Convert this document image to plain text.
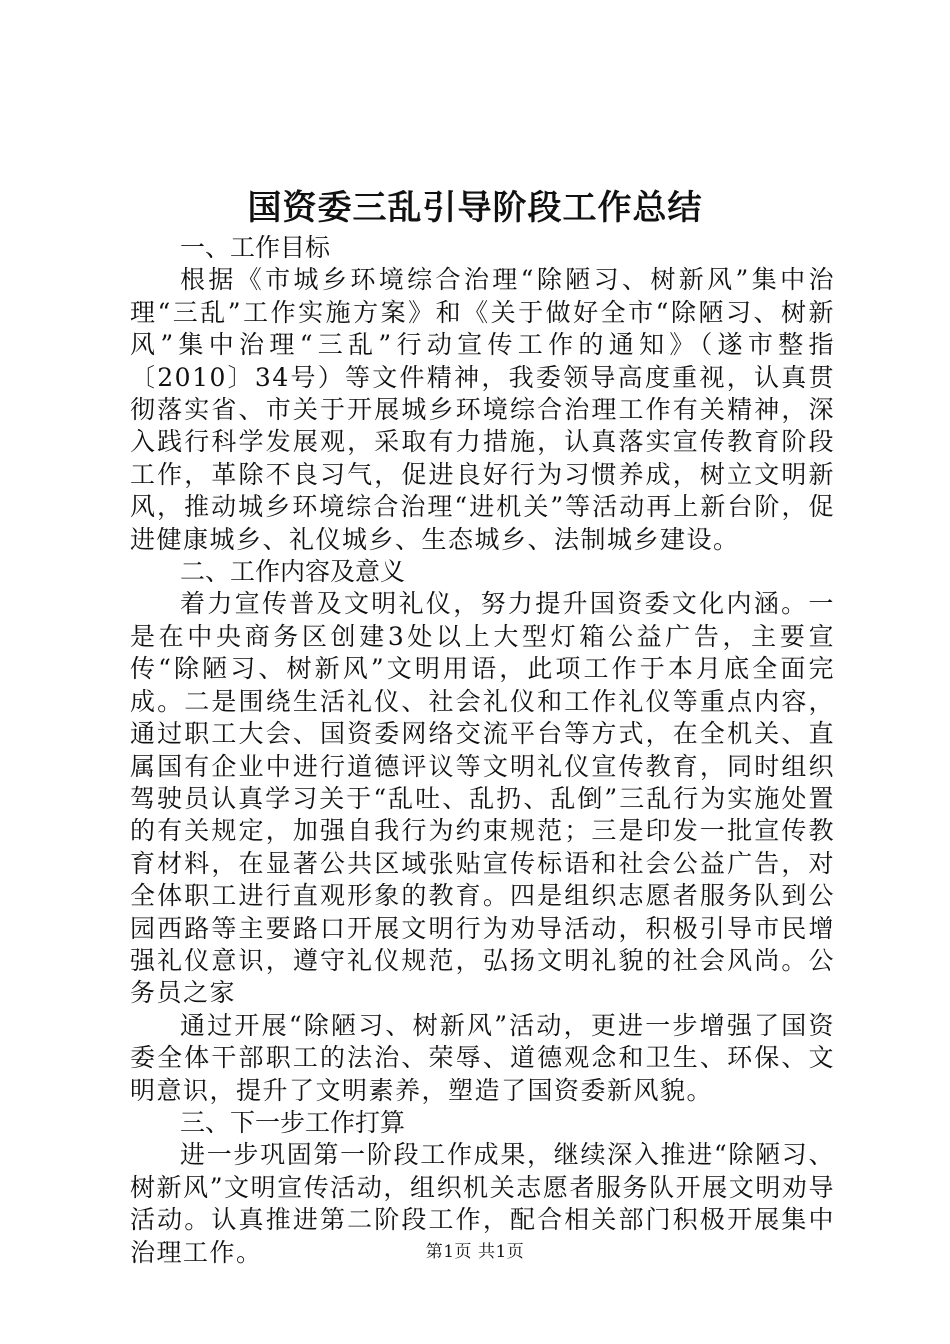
国资委三乱引导阶段工作总结

一、工作目标

根据《市城乡环境综合治理“除陋习、树新风”集中治理“三乱”工作实施方案》和《关于做好全市“除陋习、树新风”集中治理“三乱”行动宣传工作的通知》（遂市整指〔2010〕34号）等文件精神，我委领导高度重视，认真贯彻落实省、市关于开展城乡环境综合治理工作有关精神，深入践行科学发展观，采取有力措施，认真落实宣传教育阶段工作，革除不良习气，促进良好行为习惯养成，树立文明新风，推动城乡环境综合治理“进机关”等活动再上新台阶，促进健康城乡、礼仪城乡、生态城乡、法制城乡建设。

二、工作内容及意义

着力宣传普及文明礼仪，努力提升国资委文化内涵。一是在中央商务区创建3处以上大型灯箱公益广告，主要宣传“除陋习、树新风”文明用语，此项工作于本月底全面完成。二是围绕生活礼仪、社会礼仪和工作礼仪等重点内容，通过职工大会、国资委网络交流平台等方式，在全机关、直属国有企业中进行道德评议等文明礼仪宣传教育，同时组织驾驶员认真学习关于“乱吐、乱扔、乱倒”三乱行为实施处置的有关规定，加强自我行为约束规范；三是印发一批宣传教育材料，在显著公共区域张贴宣传标语和社会公益广告，对全体职工进行直观形象的教育。四是组织志愿者服务队到公园西路等主要路口开展文明行为劝导活动，积极引导市民增强礼仪意识，遵守礼仪规范，弘扬文明礼貌的社会风尚。公务员之家

通过开展“除陋习、树新风”活动，更进一步增强了国资委全体干部职工的法治、荣辱、道德观念和卫生、环保、文明意识，提升了文明素养，塑造了国资委新风貌。

三、下一步工作打算

进一步巩固第一阶段工作成果，继续深入推进“除陋习、树新风”文明宣传活动，组织机关志愿者服务队开展文明劝导活动。认真推进第二阶段工作，配合相关部门积极开展集中治理工作。	第1页 共1页
